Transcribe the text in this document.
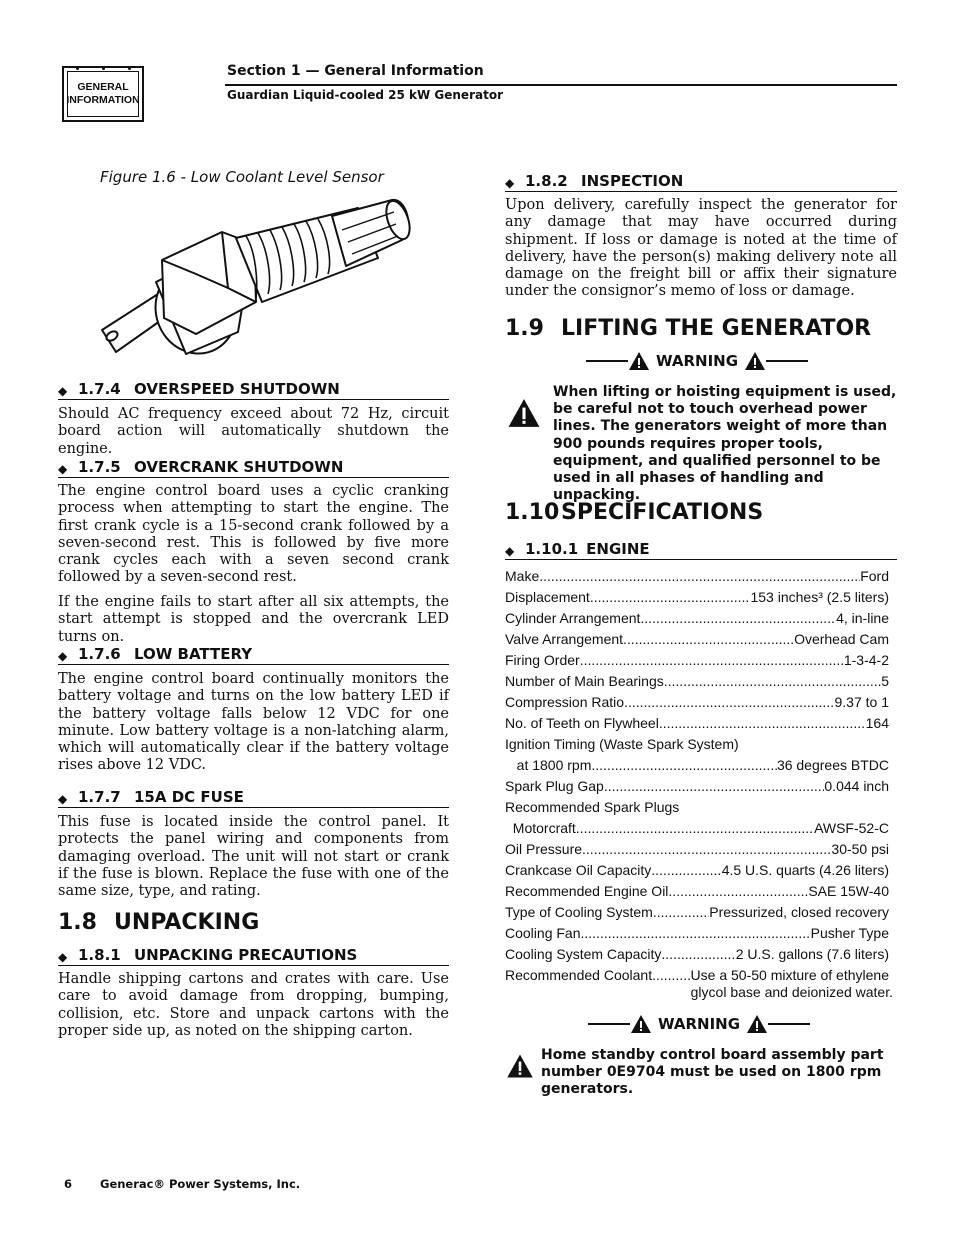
GENERAL
INFORMATION
Section 1 — General Information
Guardian Liquid-cooled 25 kW Generator
Figure 1.6 - Low Coolant Level Sensor
◆ 1.7.4 OVERSPEED SHUTDOWN

Should AC frequency exceed about 72 Hz, circuit board action will automatically shutdown the engine.

◆ 1.7.5 OVERCRANK SHUTDOWN

The engine control board uses a cyclic cranking process when attempting to start the engine. The first crank cycle is a 15-second crank followed by a seven-second rest. This is followed by five more crank cycles each with a seven second crank followed by a seven-second rest.

If the engine fails to start after all six attempts, the start attempt is stopped and the overcrank LED turns on.

◆ 1.7.6 LOW BATTERY

The engine control board continually monitors the battery voltage and turns on the low battery LED if the battery voltage falls below 12 VDC for one minute. Low battery voltage is a non-latching alarm, which will automatically clear if the battery voltage rises above 12 VDC.

◆ 1.7.7 15A DC FUSE

This fuse is located inside the control panel. It protects the panel wiring and components from damaging overload. The unit will not start or crank if the fuse is blown. Replace the fuse with one of the same size, type, and rating.

1.8 UNPACKING
◆ 1.8.1 UNPACKING PRECAUTIONS

Handle shipping cartons and crates with care. Use care to avoid damage from dropping, bumping, collision, etc. Store and unpack cartons with the proper side up, as noted on the shipping carton.

◆ 1.8.2 INSPECTION

Upon delivery, carefully inspect the generator for any damage that may have occurred during shipment. If loss or damage is noted at the time of delivery, have the person(s) making delivery note all damage on the freight bill or affix their signature under the consignor’s memo of loss or damage.

1.9 LIFTING THE GENERATOR
WARNING

When lifting or hoisting equipment is used, be careful not to touch overhead power lines. The generators weight of more than 900 pounds requires proper tools, equipment, and qualified personnel to be used in all phases of handling and unpacking.

1.10SPECIFICATIONS
◆ 1.10.1 ENGINE
Make .....	Ford
Displacement .....	153 inches³ (2.5 liters)
Cylinder Arrangement .....	4, in-line
Valve Arrangement .....	Overhead Cam
Firing Order .....	1-3-4-2
Number of Main Bearings .....	5
Compression Ratio .....	9.37 to 1
No. of Teeth on Flywheel .....	164
Ignition Timing (Waste Spark System)
at 1800 rpm .....	36 degrees BTDC
Spark Plug Gap .....	0.044 inch
Recommended Spark Plugs
Motorcraft .....	AWSF-52-C
Oil Pressure .....	30-50 psi
Crankcase Oil Capacity .....	4.5 U.S. quarts (4.26 liters)
Recommended Engine Oil .....	SAE 15W-40
Type of Cooling System .....	Pressurized, closed recovery
Cooling Fan .....	Pusher Type
Cooling System Capacity .....	2 U.S. gallons (7.6 liters)
Recommended Coolant .....	Use a 50-50 mixture of ethylene
glycol base and deionized water.
WARNING

Home standby control board assembly part number 0E9704 must be used on 1800 rpm generators.

6 Generac® Power Systems, Inc.
